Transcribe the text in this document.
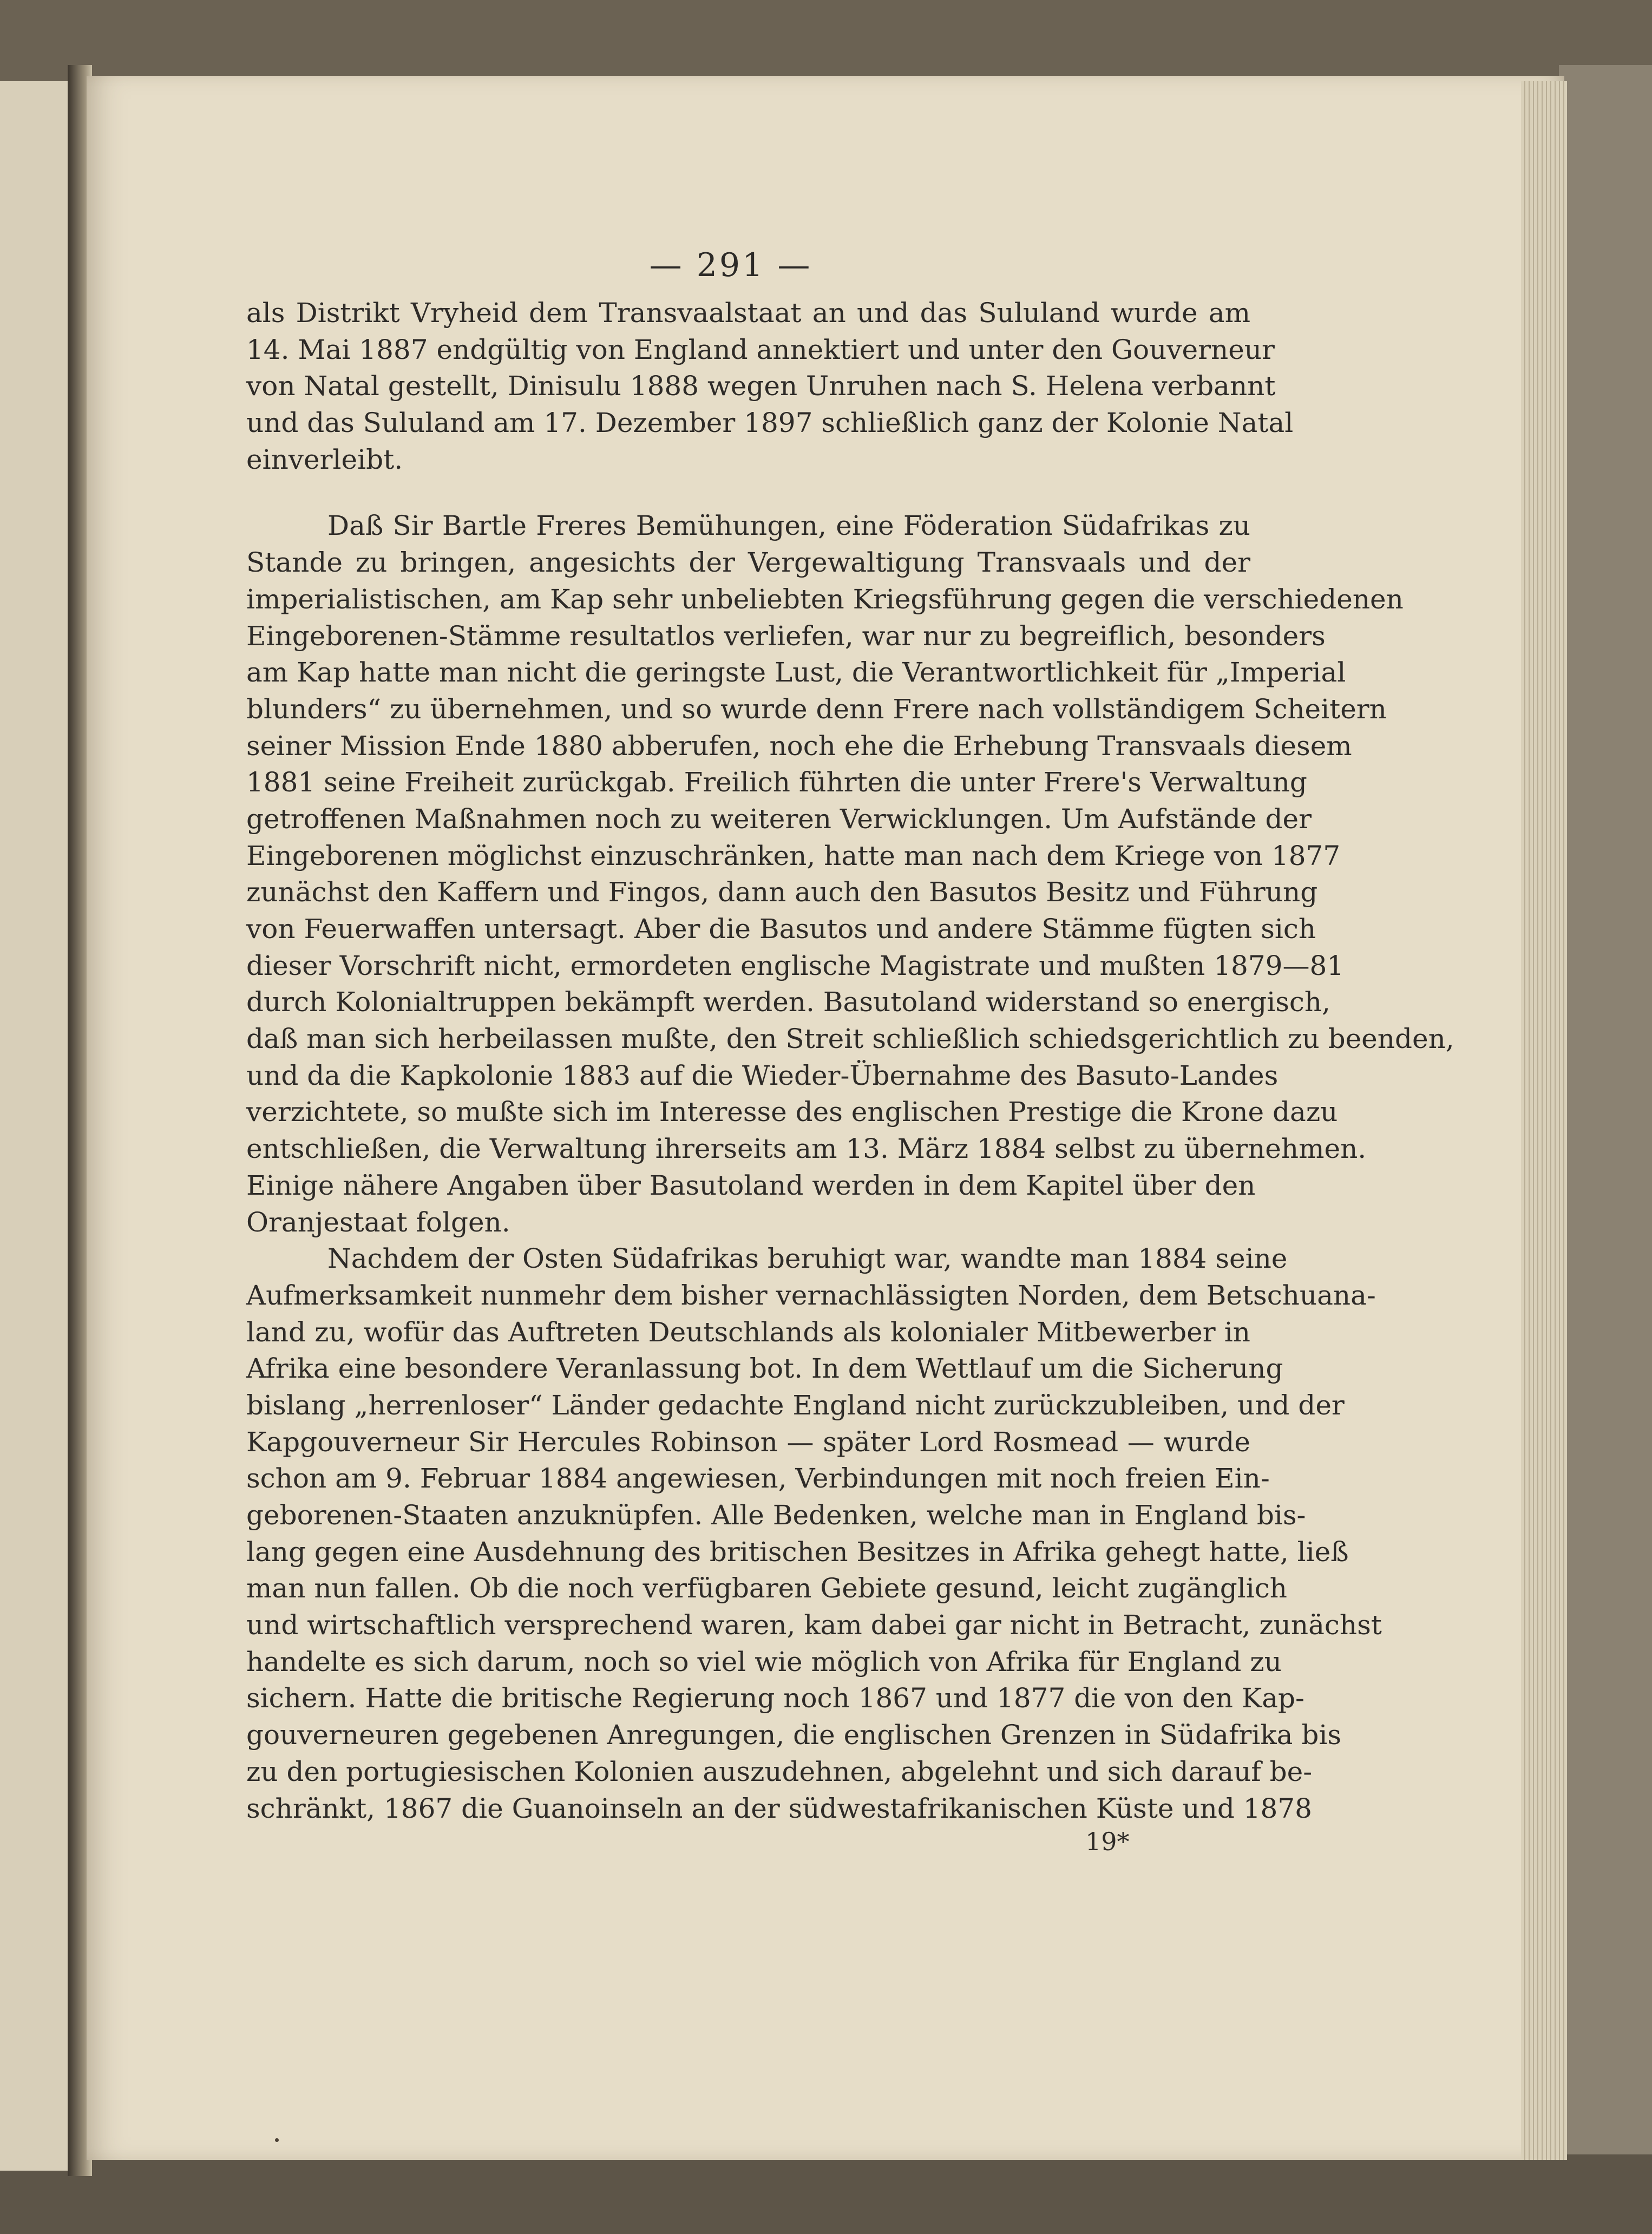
— 291 —
als Distrikt Vryheid dem Transvaalstaat an und das Sululand wurde am
14. Mai 1887 endgültig von England annektiert und unter den Gouverneur
von Natal gestellt, Dinisulu 1888 wegen Unruhen nach S. Helena verbannt
und das Sululand am 17. Dezember 1897 schließlich ganz der Kolonie Natal
einverleibt.
Daß Sir Bartle Freres Bemühungen, eine Föderation Südafrikas zu
Stande zu bringen, angesichts der Vergewaltigung Transvaals und der
imperialistischen, am Kap sehr unbeliebten Kriegsführung gegen die verschiedenen
Eingeborenen-Stämme resultatlos verliefen, war nur zu begreiflich, besonders
am Kap hatte man nicht die geringste Lust, die Verantwortlichkeit für „Imperial
blunders“ zu übernehmen, und so wurde denn Frere nach vollständigem Scheitern
seiner Mission Ende 1880 abberufen, noch ehe die Erhebung Transvaals diesem
1881 seine Freiheit zurückgab. Freilich führten die unter Frere's Verwaltung
getroffenen Maßnahmen noch zu weiteren Verwicklungen. Um Aufstände der
Eingeborenen möglichst einzuschränken, hatte man nach dem Kriege von 1877
zunächst den Kaffern und Fingos, dann auch den Basutos Besitz und Führung
von Feuerwaffen untersagt. Aber die Basutos und andere Stämme fügten sich
dieser Vorschrift nicht, ermordeten englische Magistrate und mußten 1879—81
durch Kolonialtruppen bekämpft werden. Basutoland widerstand so energisch,
daß man sich herbeilassen mußte, den Streit schließlich schiedsgerichtlich zu beenden,
und da die Kapkolonie 1883 auf die Wieder-Übernahme des Basuto-Landes
verzichtete, so mußte sich im Interesse des englischen Prestige die Krone dazu
entschließen, die Verwaltung ihrerseits am 13. März 1884 selbst zu übernehmen.
Einige nähere Angaben über Basutoland werden in dem Kapitel über den
Oranjestaat folgen.
Nachdem der Osten Südafrikas beruhigt war, wandte man 1884 seine
Aufmerksamkeit nunmehr dem bisher vernachlässigten Norden, dem Betschuana-
land zu, wofür das Auftreten Deutschlands als kolonialer Mitbewerber in
Afrika eine besondere Veranlassung bot. In dem Wettlauf um die Sicherung
bislang „herrenloser“ Länder gedachte England nicht zurückzubleiben, und der
Kapgouverneur Sir Hercules Robinson — später Lord Rosmead — wurde
schon am 9. Februar 1884 angewiesen, Verbindungen mit noch freien Ein-
geborenen-Staaten anzuknüpfen. Alle Bedenken, welche man in England bis-
lang gegen eine Ausdehnung des britischen Besitzes in Afrika gehegt hatte, ließ
man nun fallen. Ob die noch verfügbaren Gebiete gesund, leicht zugänglich
und wirtschaftlich versprechend waren, kam dabei gar nicht in Betracht, zunächst
handelte es sich darum, noch so viel wie möglich von Afrika für England zu
sichern. Hatte die britische Regierung noch 1867 und 1877 die von den Kap-
gouverneuren gegebenen Anregungen, die englischen Grenzen in Südafrika bis
zu den portugiesischen Kolonien auszudehnen, abgelehnt und sich darauf be-
schränkt, 1867 die Guanoinseln an der südwestafrikanischen Küste und 1878
19*
